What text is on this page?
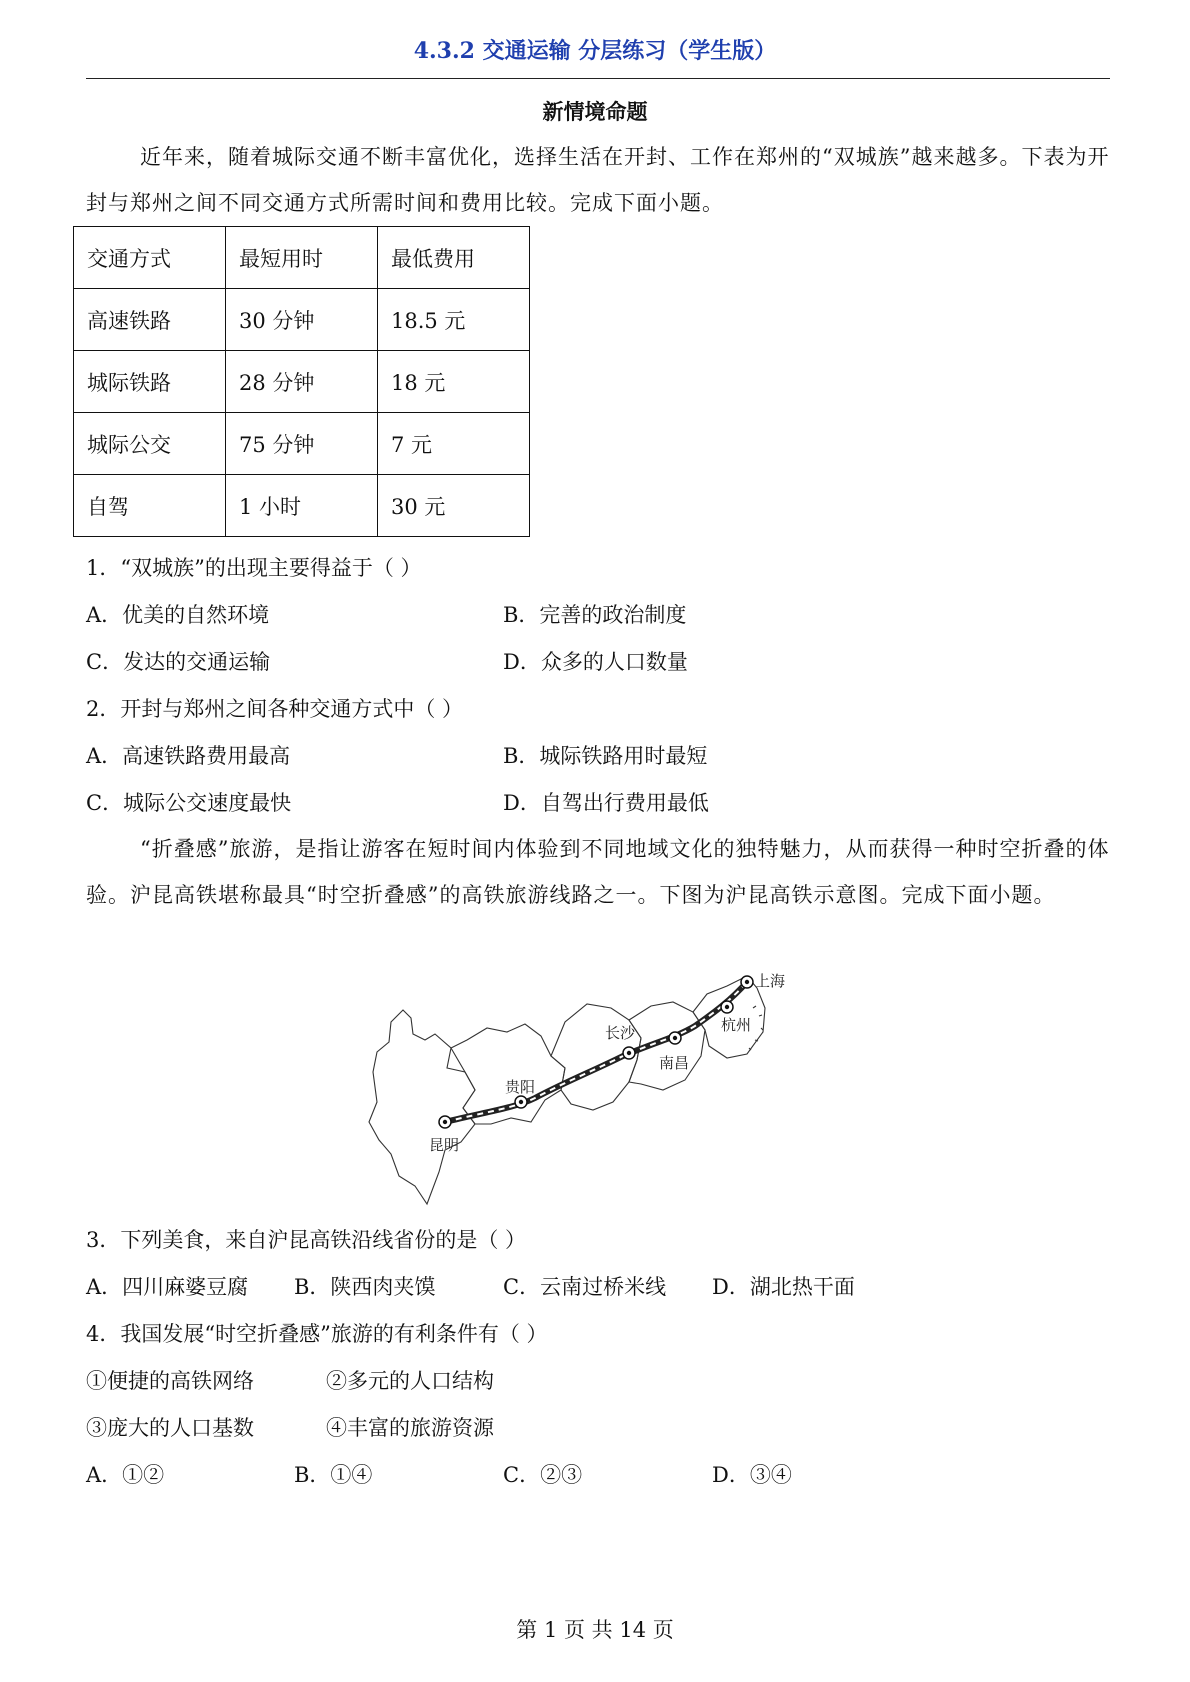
4.3.2 交通运输 分层练习（学生版）
新情境命题

近年来，随着城际交通不断丰富优化，选择生活在开封、工作在郑州的“双城族”越来越多。下表为开封与郑州之间不同交通方式所需时间和费用比较。完成下面小题。

交通方式	最短用时	最低费用
高速铁路	30 分钟	18.5 元
城际铁路	28 分钟	18 元
城际公交	75 分钟	7 元
自驾	1 小时	30 元
1．“双城族”的出现主要得益于（ ）
A．优美的自然环境	B．完善的政治制度
C．发达的交通运输	D．众多的人口数量
2．开封与郑州之间各种交通方式中（ ）
A．高速铁路费用最高	B．城际铁路用时最短
C．城际公交速度最快	D．自驾出行费用最低

“折叠感”旅游，是指让游客在短时间内体验到不同地域文化的独特魅力，从而获得一种时空折叠的体验。沪昆高铁堪称最具“时空折叠感”的高铁旅游线路之一。下图为沪昆高铁示意图。完成下面小题。

上海
杭州
南昌
长沙
贵阳
昆明
3．下列美食，来自沪昆高铁沿线省份的是（ ）
A．四川麻婆豆腐 B．陕西肉夹馍	C．云南过桥米线 D．湖北热干面
4．我国发展“时空折叠感”旅游的有利条件有（ ）
①便捷的高铁网络	②多元的人口结构
③庞大的人口基数	④丰富的旅游资源
A．①②	B．①④	C．②③	D．③④
第 1 页 共 14 页
